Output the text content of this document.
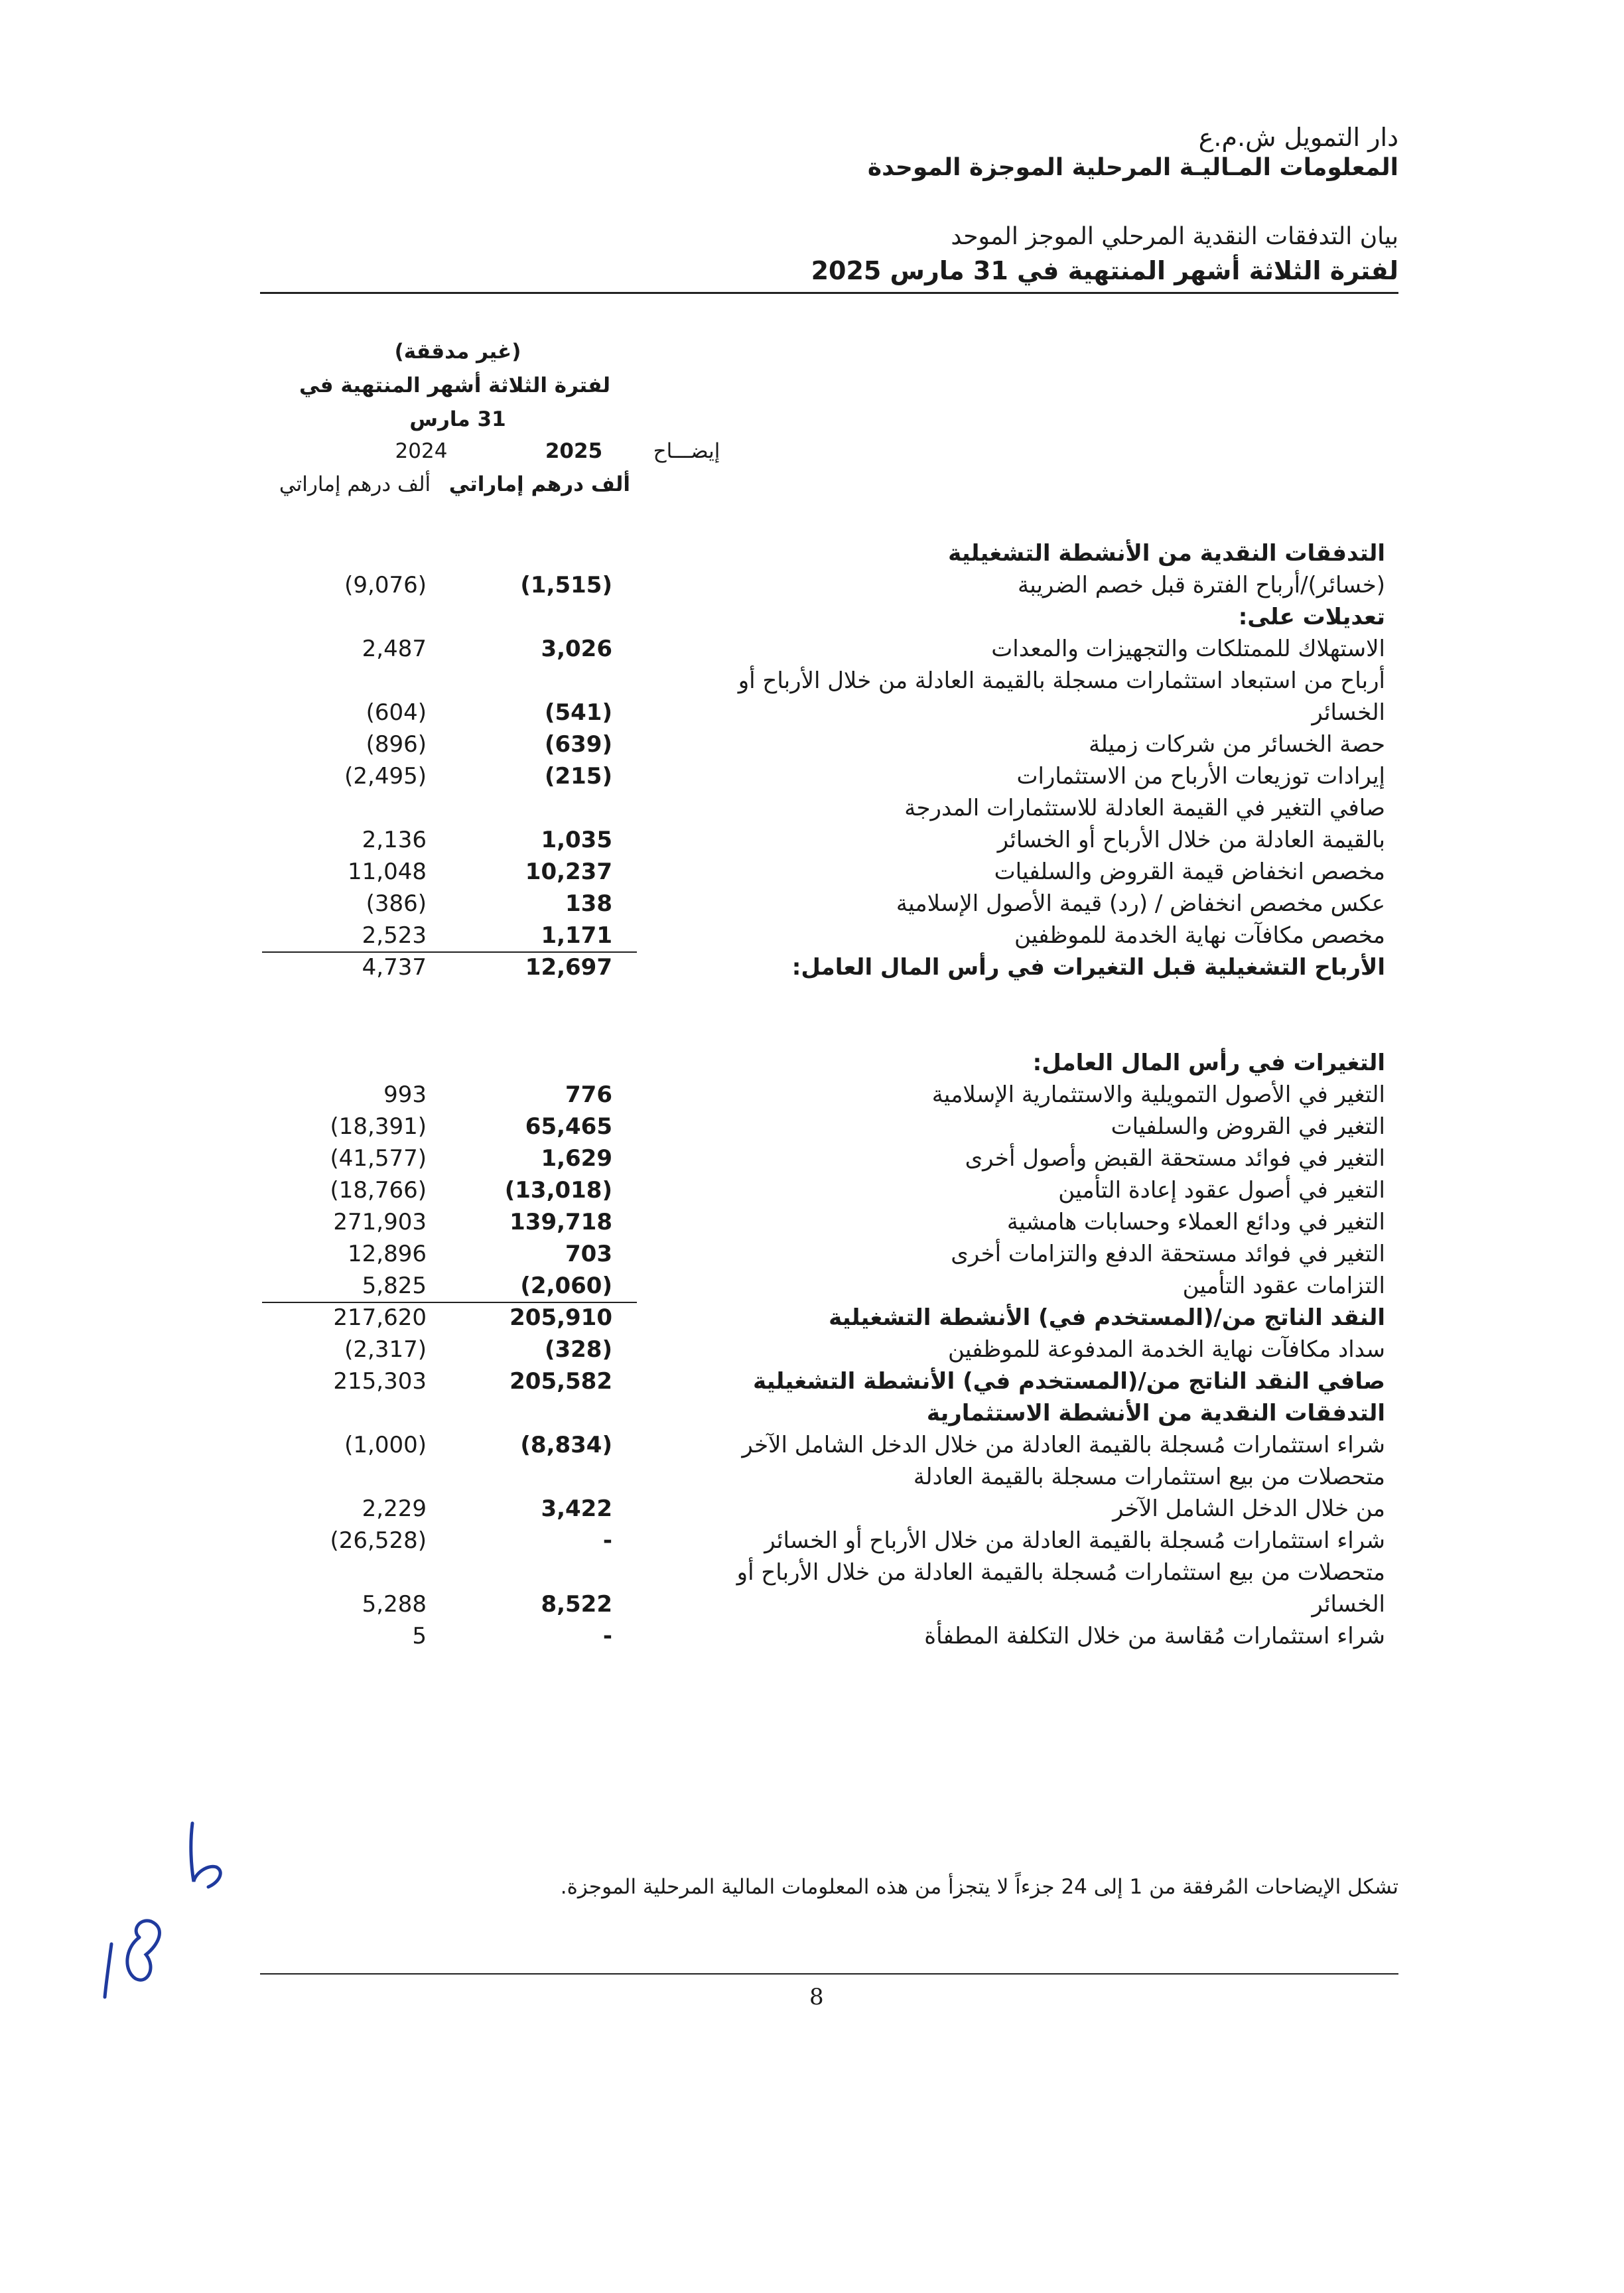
دار التمويل ش.م.ع
المعلومات المـاليـة المرحلية الموجزة الموحدة
بيان التدفقات النقدية المرحلي الموجز الموحد
لفترة الثلاثة أشهر المنتهية في 31 مارس 2025
(غير مدققة)
لفترة الثلاثة أشهر المنتهية في
31 مارس
إيضـــاح
2025
2024
ألف درهم إماراتي
ألف درهم إماراتي
التدفقات النقدية من الأنشطة التشغيلية
(خسائر)/أرباح الفترة قبل خصم الضريبة
(1,515)
(9,076)
تعديلات على:
الاستهلاك للممتلكات والتجهيزات والمعدات
3,026
2,487
أرباح من استبعاد استثمارات مسجلة بالقيمة العادلة من خلال الأرباح أو
الخسائر
(541)
(604)
حصة الخسائر من شركات زميلة
(639)
(896)
إيرادات توزيعات الأرباح من الاستثمارات
(215)
(2,495)
صافي التغير في القيمة العادلة للاستثمارات المدرجة
بالقيمة العادلة من خلال الأرباح أو الخسائر
1,035
2,136
مخصص انخفاض قيمة القروض والسلفيات
10,237
11,048
عكس مخصص انخفاض / (رد) قيمة الأصول الإسلامية
138
(386)
مخصص مكافآت نهاية الخدمة للموظفين
1,171
2,523
الأرباح التشغيلية قبل التغيرات في رأس المال العامل:
12,697
4,737
التغيرات في رأس المال العامل:
التغير في الأصول التمويلية والاستثمارية الإسلامية
776
993
التغير في القروض والسلفيات
65,465
(18,391)
التغير في فوائد مستحقة القبض وأصول أخرى
1,629
(41,577)
التغير في أصول عقود إعادة التأمين
(13,018)
(18,766)
التغير في ودائع العملاء وحسابات هامشية
139,718
271,903
التغير في فوائد مستحقة الدفع والتزامات أخرى
703
12,896
التزامات عقود التأمين
(2,060)
5,825
النقد الناتج من/(المستخدم في) الأنشطة التشغيلية
205,910
217,620
سداد مكافآت نهاية الخدمة المدفوعة للموظفين
(328)
(2,317)
صافي النقد الناتج من/(المستخدم في) الأنشطة التشغيلية
205,582
215,303
التدفقات النقدية من الأنشطة الاستثمارية
شراء استثمارات مُسجلة بالقيمة العادلة من خلال الدخل الشامل الآخر
(8,834)
(1,000)
متحصلات من بيع استثمارات مسجلة بالقيمة العادلة
من خلال الدخل الشامل الآخر
3,422
2,229
شراء استثمارات مُسجلة بالقيمة العادلة من خلال الأرباح أو الخسائر
-
(26,528)
متحصلات من بيع استثمارات مُسجلة بالقيمة العادلة من خلال الأرباح أو
الخسائر
8,522
5,288
شراء استثمارات مُقاسة من خلال التكلفة المطفأة
-
5
تشكل الإيضاحات المُرفقة من 1 إلى 24 جزءاً لا يتجزأ من هذه المعلومات المالية المرحلية الموجزة.
8
